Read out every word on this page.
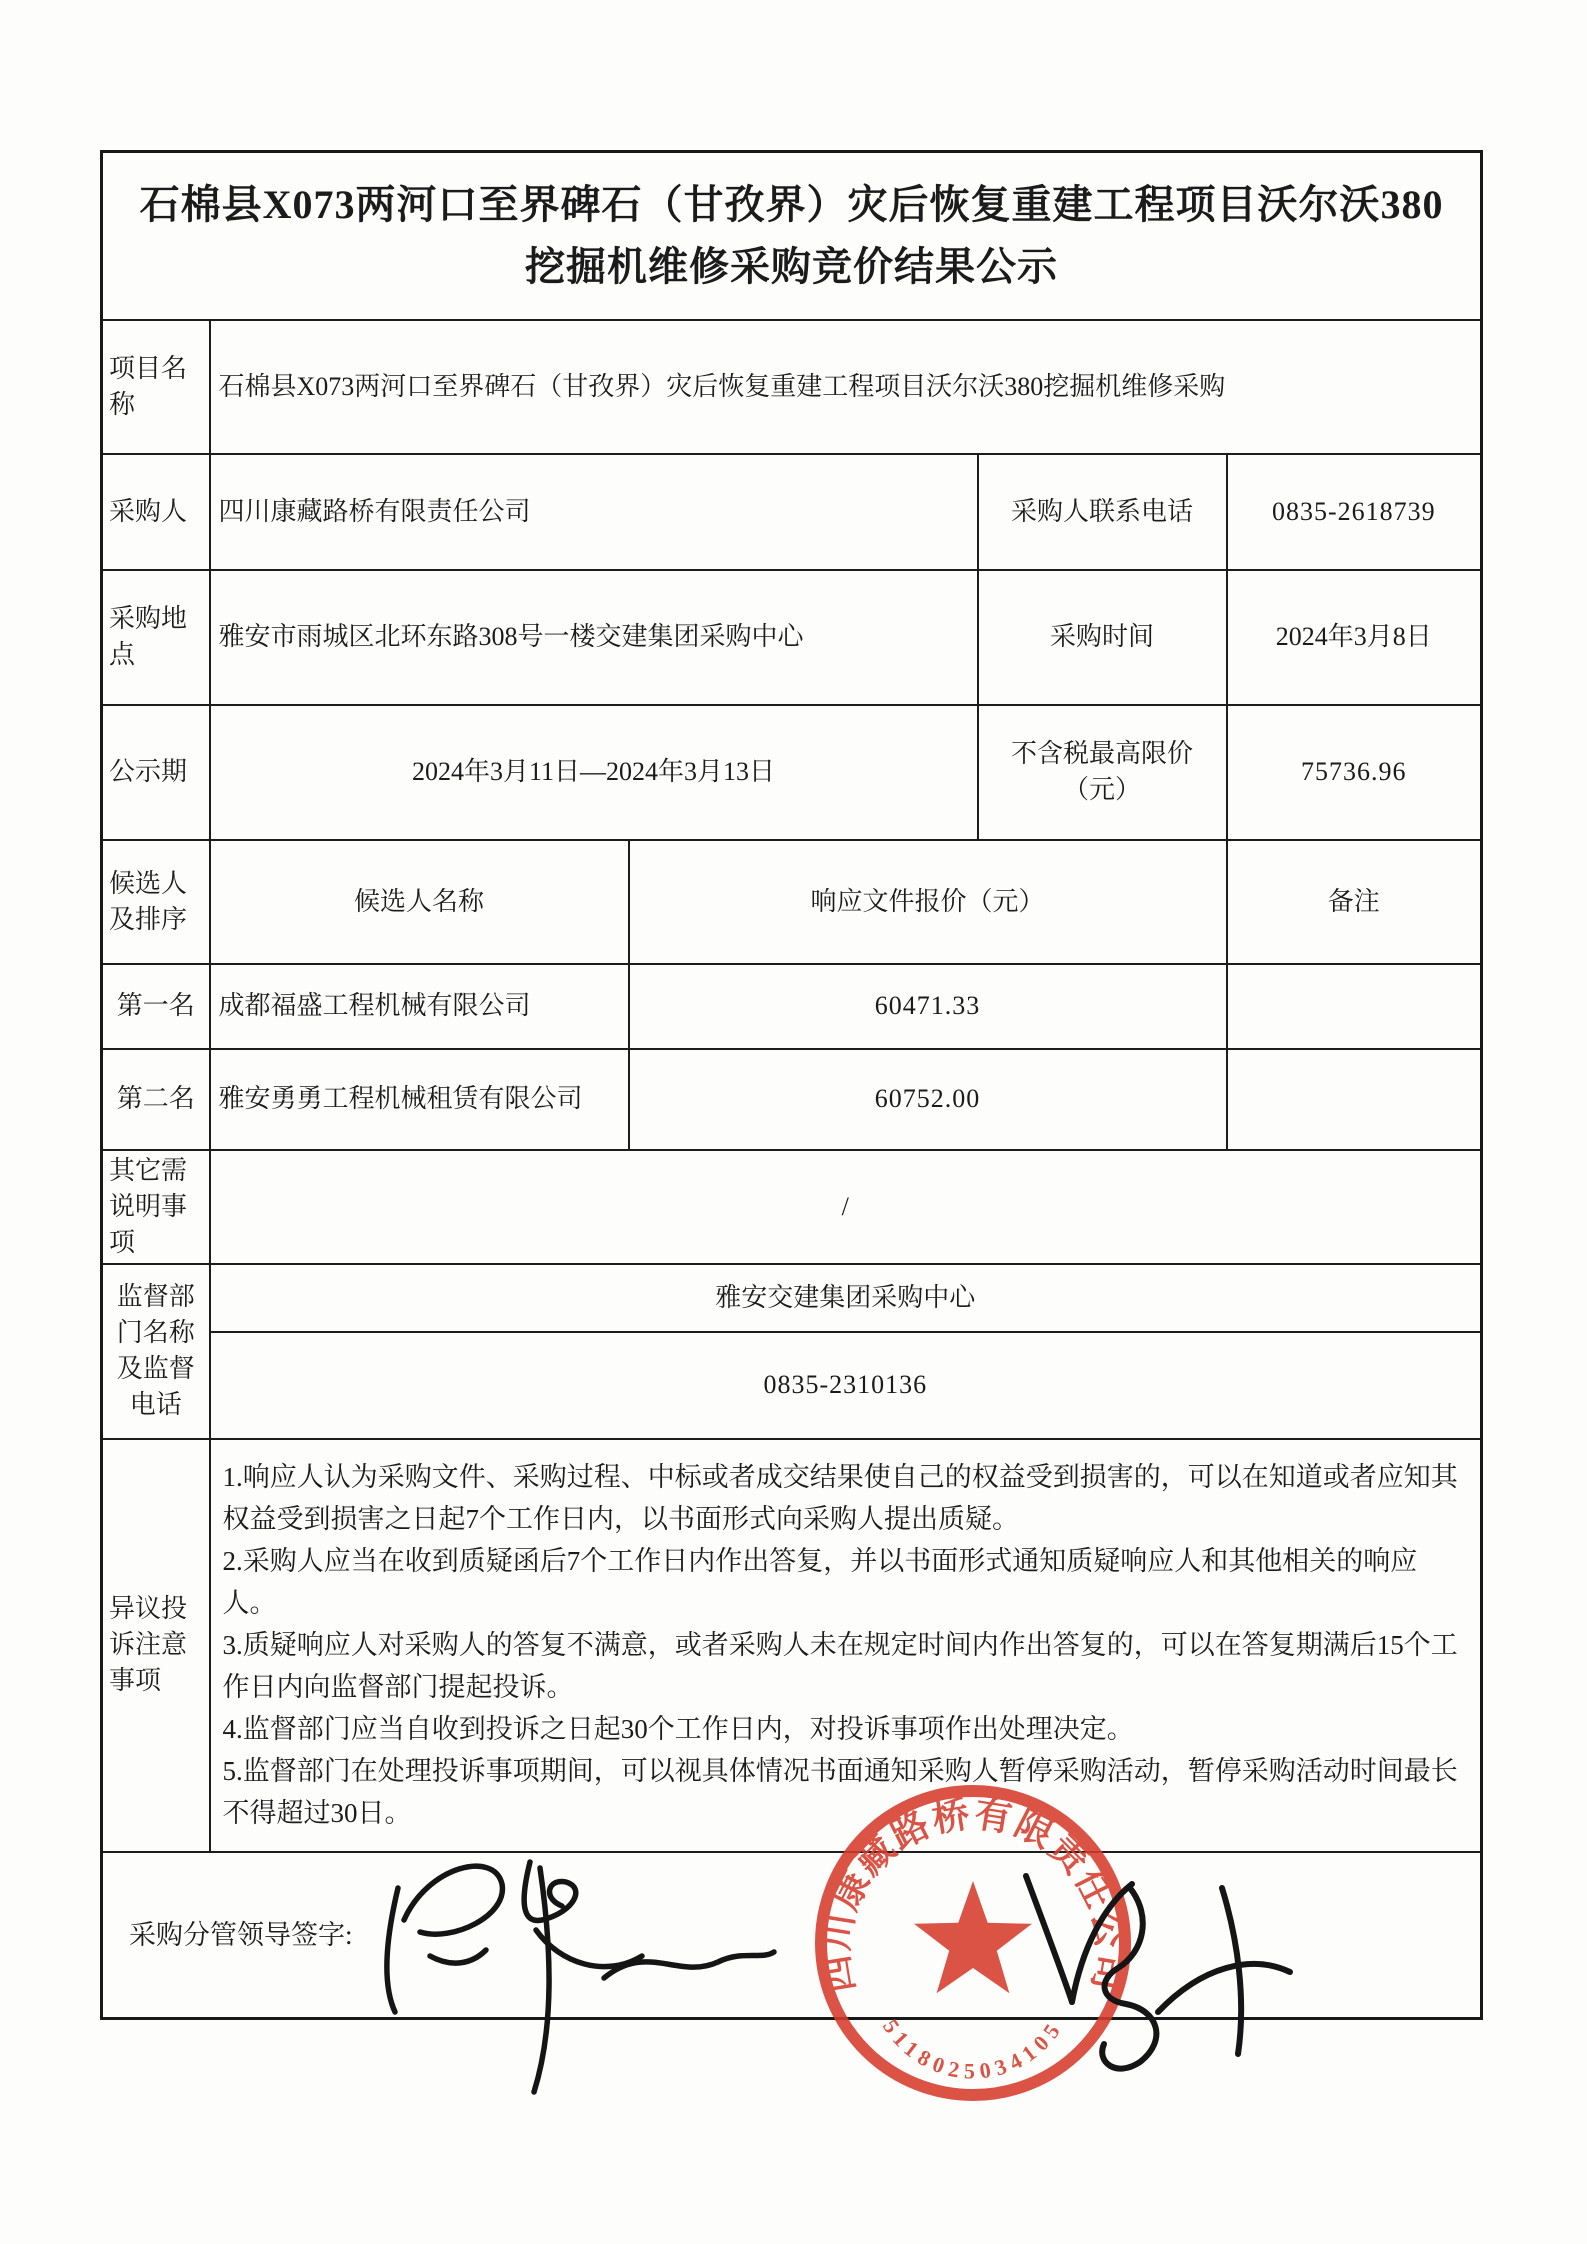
石棉县X073两河口至界碑石（甘孜界）灾后恢复重建工程项目沃尔沃380
挖掘机维修采购竞价结果公示				
项目名称	石棉县X073两河口至界碑石（甘孜界）灾后恢复重建工程项目沃尔沃380挖掘机维修采购			
采购人	四川康藏路桥有限责任公司		采购人联系电话	0835-2618739
采购地点	雅安市雨城区北环东路308号一楼交建集团采购中心		采购时间	2024年3月8日
公示期	2024年3月11日—2024年3月13日		不含税最高限价（元）	75736.96
候选人及排序	候选人名称	响应文件报价（元）		备注
第一名	成都福盛工程机械有限公司	60471.33		
第二名	雅安勇勇工程机械租赁有限公司	60752.00		
其它需说明事项	/			
监督部门名称及监督电话	雅安交建集团采购中心			
	0835-2310136			
异议投诉注意事项	1.响应人认为采购文件、采购过程、中标或者成交结果使自己的权益受到损害的，可以在知道或者应知其权益受到损害之日起7个工作日内，以书面形式向采购人提出质疑。

2.采购人应当在收到质疑函后7个工作日内作出答复，并以书面形式通知质疑响应人和其他相关的响应人。

3.质疑响应人对采购人的答复不满意，或者采购人未在规定时间内作出答复的，可以在答复期满后15个工作日内向监督部门提起投诉。

4.监督部门应当自收到投诉之日起30个工作日内，对投诉事项作出处理决定。

5.监督部门在处理投诉事项期间，可以视具体情况书面通知采购人暂停采购活动，暂停采购活动时间最长不得超过30日。			

采购分管领导签字:				
四川康藏路桥有限责任公司
5118025034105
